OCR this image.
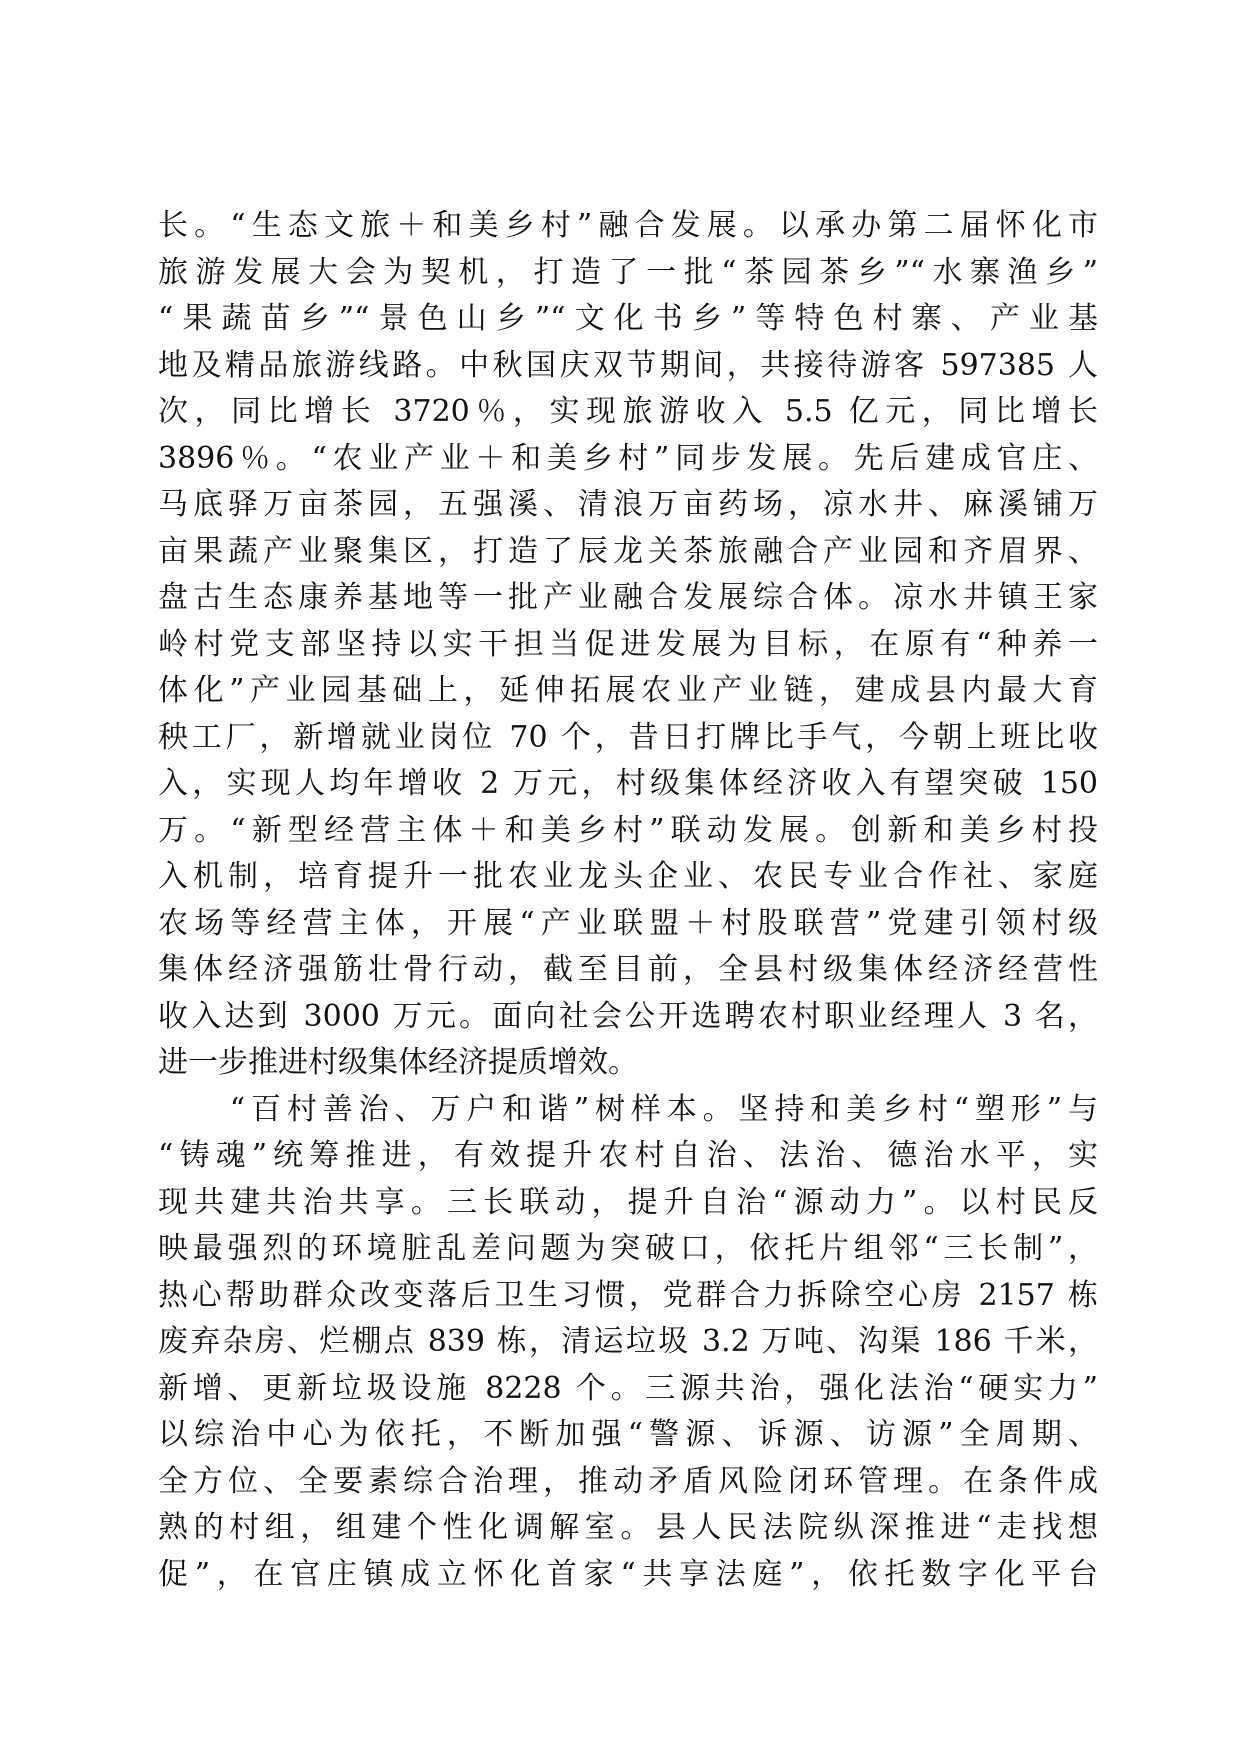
长。“生态文旅＋和美乡村”融合发展。以承办第二届怀化市
旅游发展大会为契机，打造了一批“茶园茶乡”“水寨渔乡”
“果蔬苗乡”“景色山乡”“文化书乡”等特色村寨、产业基
地及精品旅游线路。中秋国庆双节期间，共接待游客 597385 人
次，同比增长 3720％，实现旅游收入 5.5 亿元，同比增长
3896％。“农业产业＋和美乡村”同步发展。先后建成官庄、
马底驿万亩茶园，五强溪、清浪万亩药场，凉水井、麻溪铺万
亩果蔬产业聚集区，打造了辰龙关茶旅融合产业园和齐眉界、
盘古生态康养基地等一批产业融合发展综合体。凉水井镇王家
岭村党支部坚持以实干担当促进发展为目标，在原有“种养一
体化”产业园基础上，延伸拓展农业产业链，建成县内最大育
秧工厂，新增就业岗位 70 个，昔日打牌比手气，今朝上班比收
入，实现人均年增收 2 万元，村级集体经济收入有望突破 150
万。“新型经营主体＋和美乡村”联动发展。创新和美乡村投
入机制，培育提升一批农业龙头企业、农民专业合作社、家庭
农场等经营主体，开展“产业联盟＋村股联营”党建引领村级
集体经济强筋壮骨行动，截至目前，全县村级集体经济经营性
收入达到 3000 万元。面向社会公开选聘农村职业经理人 3 名，
进一步推进村级集体经济提质增效。
　　“百村善治、万户和谐”树样本。坚持和美乡村“塑形”与
“铸魂”统筹推进，有效提升农村自治、法治、德治水平，实
现共建共治共享。三长联动，提升自治“源动力”。以村民反
映最强烈的环境脏乱差问题为突破口，依托片组邻“三长制”，
热心帮助群众改变落后卫生习惯，党群合力拆除空心房 2157 栋
废弃杂房、烂棚点 839 栋，清运垃圾 3.2 万吨、沟渠 186 千米，
新增、更新垃圾设施 8228 个。三源共治，强化法治“硬实力”
以综治中心为依托，不断加强“警源、诉源、访源”全周期、
全方位、全要素综合治理，推动矛盾风险闭环管理。在条件成
熟的村组，组建个性化调解室。县人民法院纵深推进“走找想
促”，在官庄镇成立怀化首家“共享法庭”，依托数字化平台
